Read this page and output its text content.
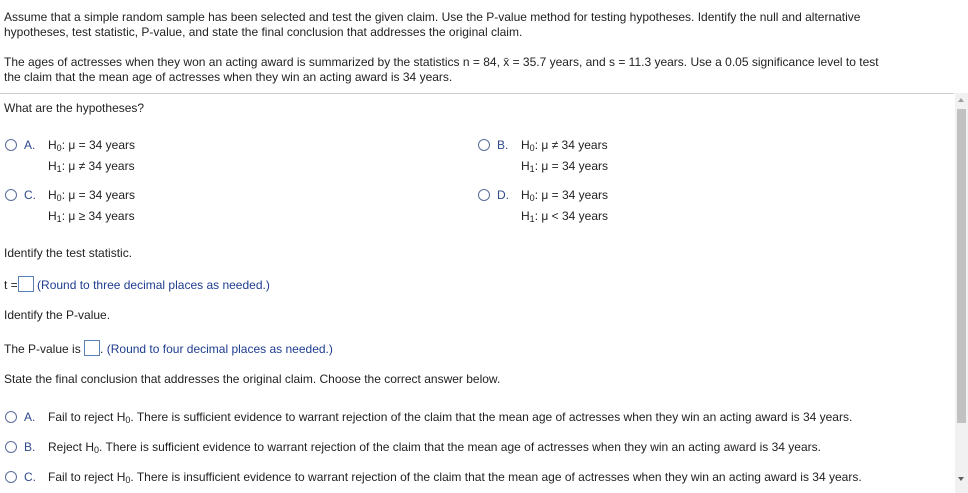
Assume that a simple random sample has been selected and test the given claim. Use the P-value method for testing hypotheses. Identify the null and alternative
hypotheses, test statistic, P-value, and state the final conclusion that addresses the original claim.

The ages of actresses when they won an acting award is summarized by the statistics n = 84, x̄ = 35.7 years, and s = 11.3 years. Use a 0.05 significance level to test
the claim that the mean age of actresses when they win an acting award is 34 years.

What are the hypotheses?
A. $H_0$: μ = 34 years
$H_1$: μ ≠ 34 years
B. $H_0$: μ ≠ 34 years
$H_1$: μ = 34 years
C. $H_0$: μ = 34 years
$H_1$: μ ≥ 34 years
D. $H_0$: μ = 34 years
$H_1$: μ < 34 years
Identify the test statistic.
t = (Round to three decimal places as needed.)
Identify the P-value.
The P-value is . (Round to four decimal places as needed.)
State the final conclusion that addresses the original claim. Choose the correct answer below.
A. Fail to reject $H_0$. There is sufficient evidence to warrant rejection of the claim that the mean age of actresses when they win an acting award is 34 years.
B. Reject $H_0$. There is sufficient evidence to warrant rejection of the claim that the mean age of actresses when they win an acting award is 34 years.
C. Fail to reject $H_0$. There is insufficient evidence to warrant rejection of the claim that the mean age of actresses when they win an acting award is 34 years.
